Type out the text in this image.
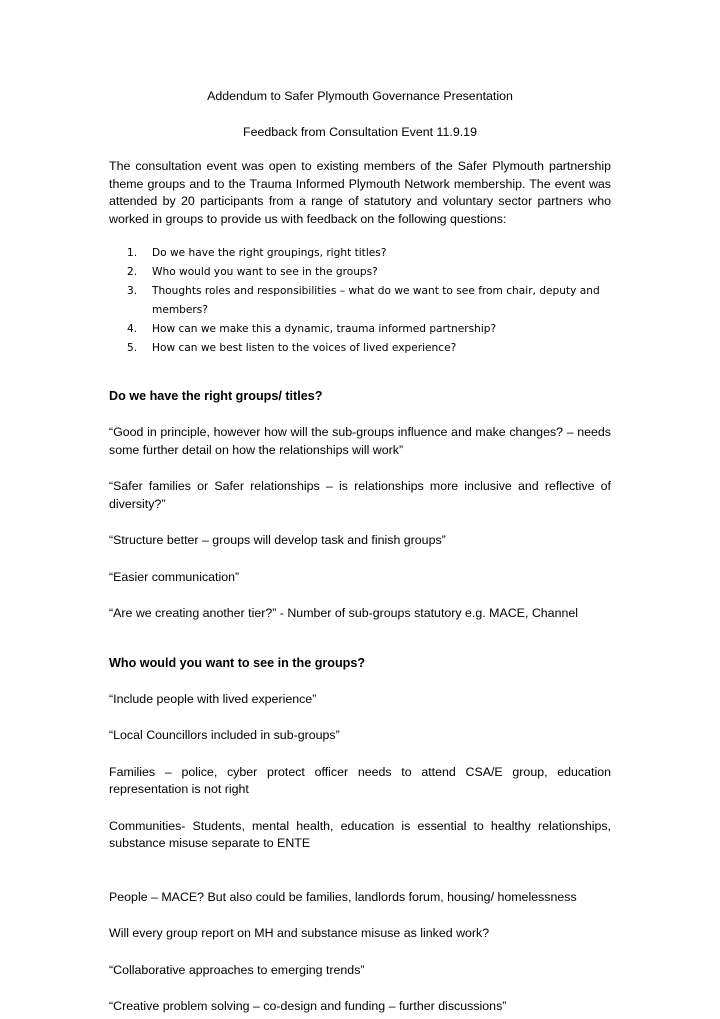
Addendum to Safer Plymouth Governance Presentation

Feedback from Consultation Event 11.9.19

The consultation event was open to existing members of the Safer Plymouth partnership theme groups and to the Trauma Informed Plymouth Network membership. The event was attended by 20 participants from a range of statutory and voluntary sector partners who worked in groups to provide us with feedback on the following questions:

1.	Do we have the right groupings, right titles?
2.	Who would you want to see in the groups?
3.	Thoughts roles and responsibilities – what do we want to see from chair, deputy and members?
4.	How can we make this a dynamic, trauma informed partnership?
5.	How can we best listen to the voices of lived experience?
Do we have the right groups/ titles?

“Good in principle, however how will the sub-groups influence and make changes? – needs some further detail on how the relationships will work”

“Safer families or Safer relationships – is relationships more inclusive and reflective of diversity?”

“Structure better – groups will develop task and finish groups”

“Easier communication”

“Are we creating another tier?” - Number of sub-groups statutory e.g. MACE, Channel

Who would you want to see in the groups?

“Include people with lived experience”

“Local Councillors included in sub-groups”

Families – police, cyber protect officer needs to attend CSA/E group, education representation is not right

Communities- Students, mental health, education is essential to healthy relationships, substance misuse separate to ENTE

People – MACE? But also could be families, landlords forum, housing/ homelessness

Will every group report on MH and substance misuse as linked work?

“Collaborative approaches to emerging trends”

“Creative problem solving – co-design and funding – further discussions”
